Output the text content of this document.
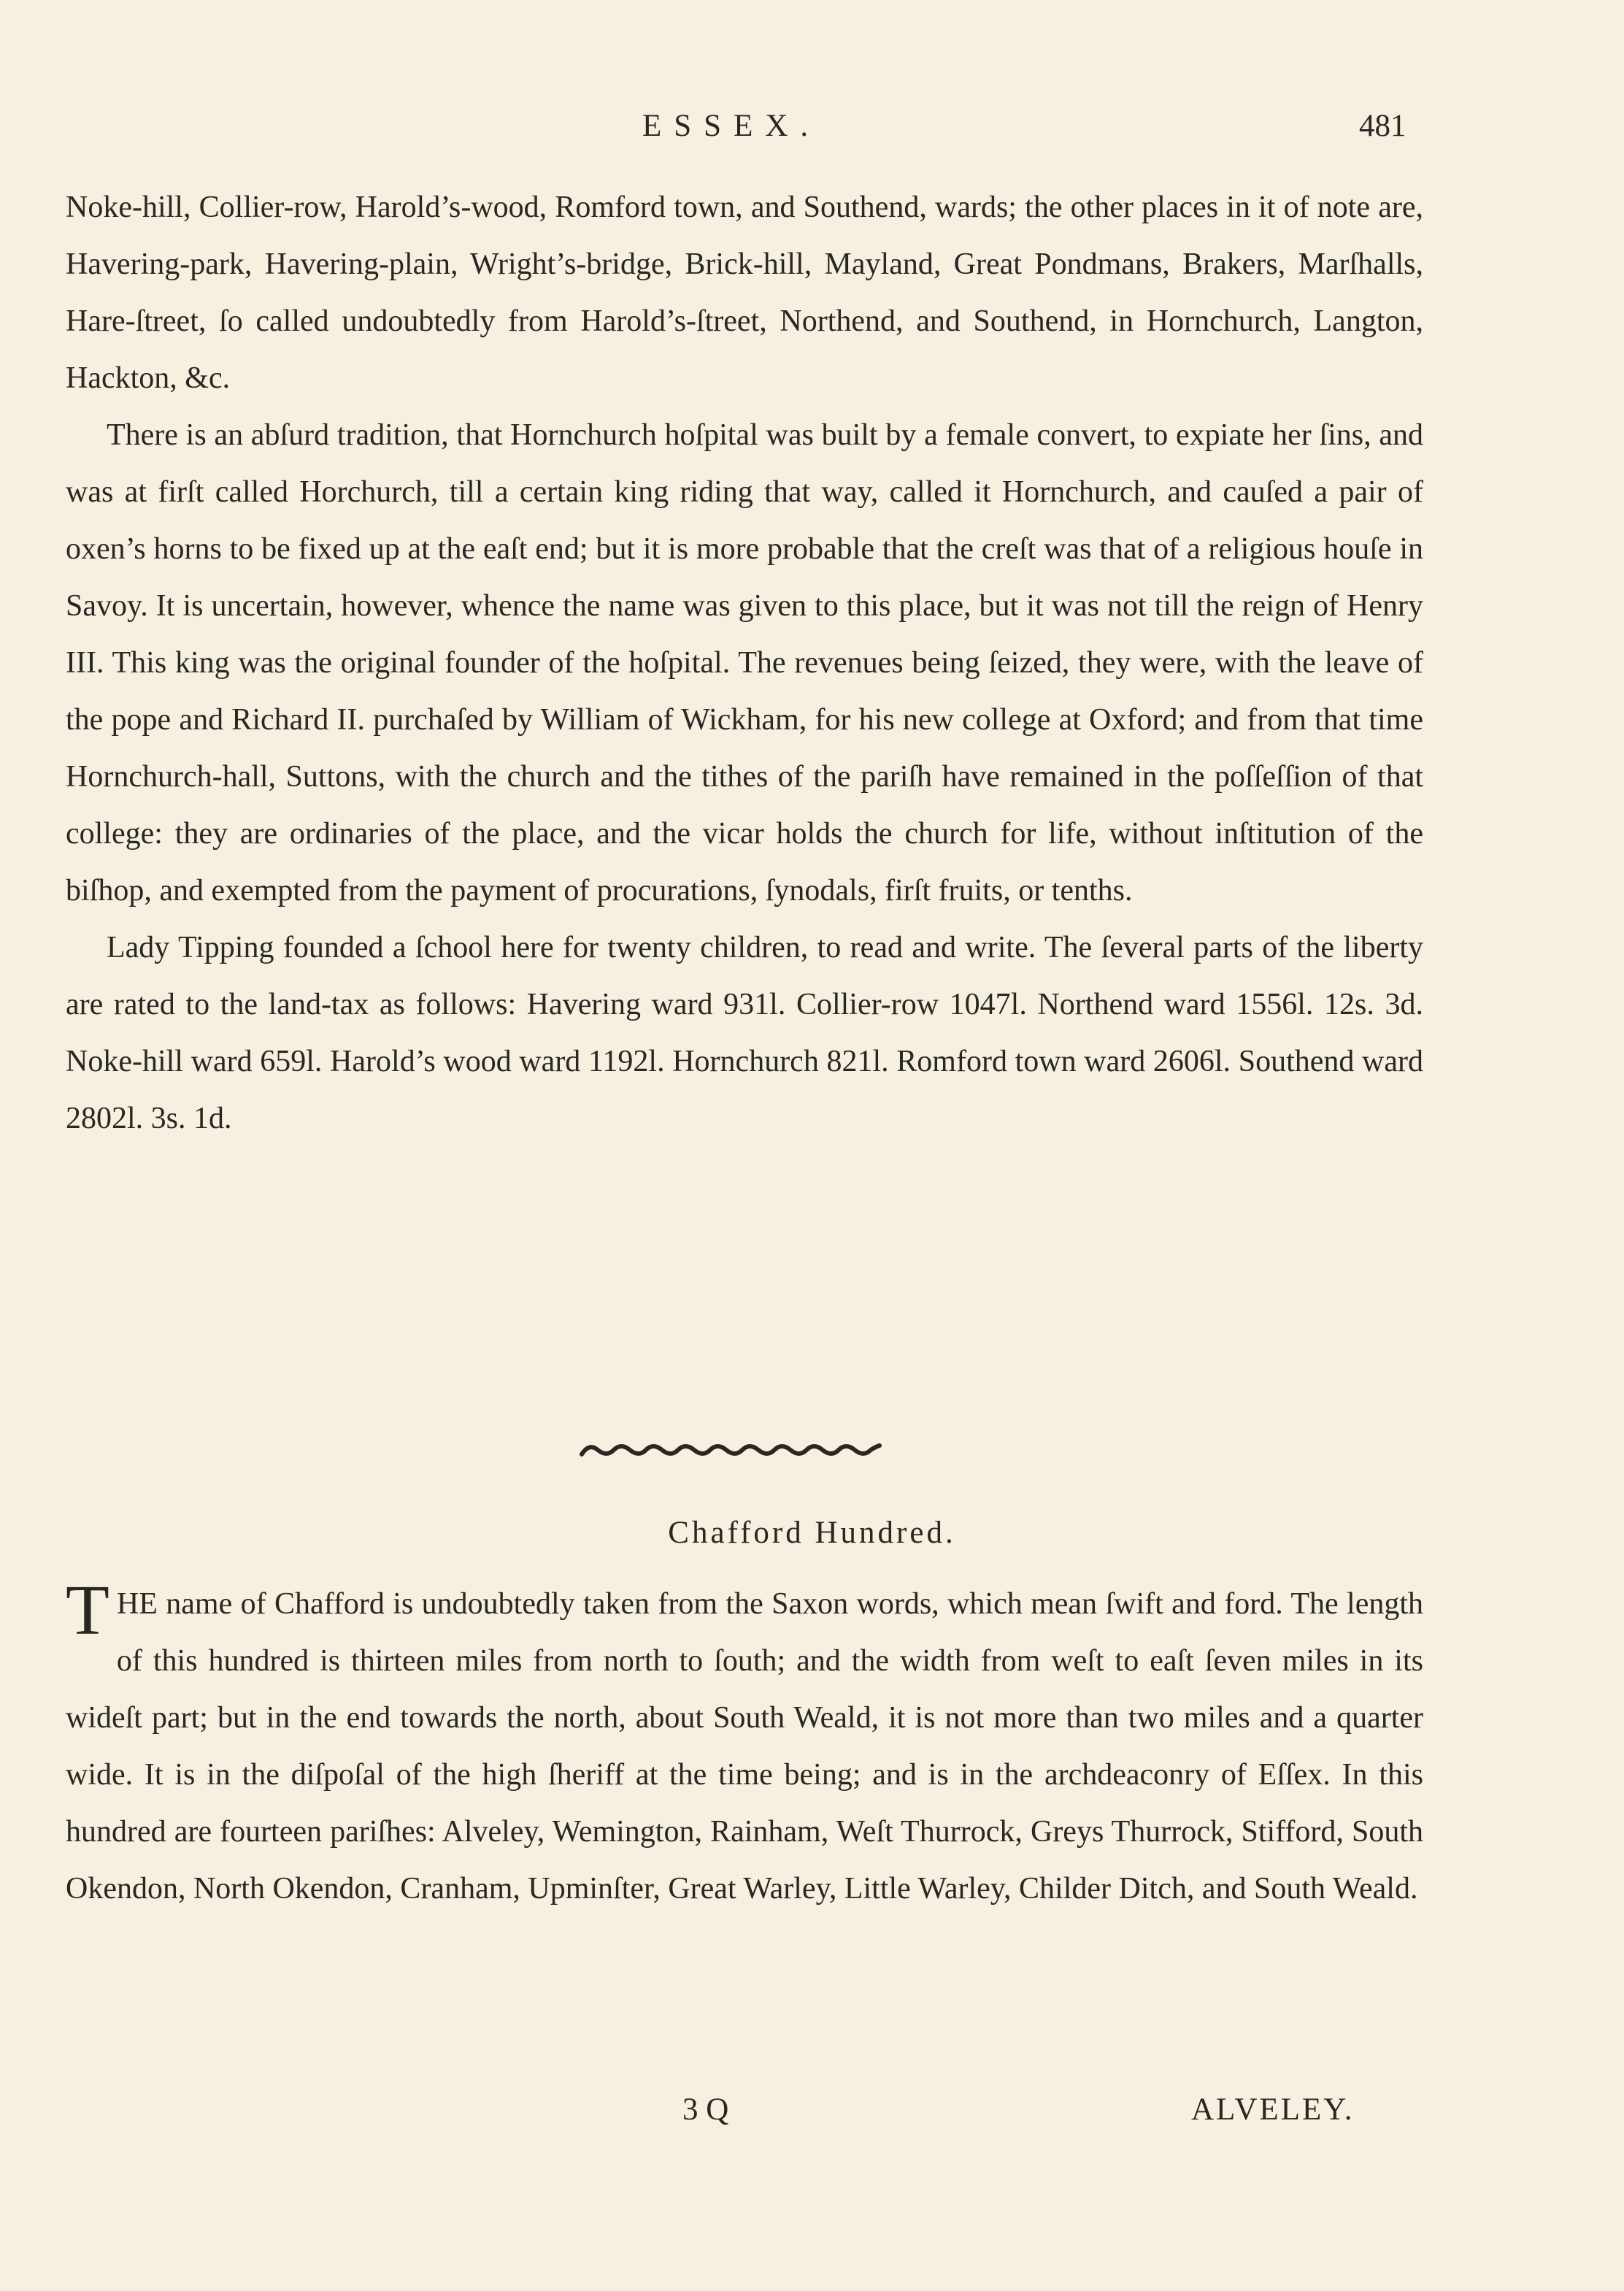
ESSEX.	481

Noke-hill, Collier-row, Harold’s-wood, Romford town, and Southend, wards; the other places in it of note are, Havering-park, Havering-plain, Wright’s-bridge, Brick-hill, Mayland, Great Pondmans, Brakers, Marſhalls, Hare-ſtreet, ſo called undoubtedly from Harold’s-ſtreet, Northend, and Southend, in Hornchurch, Langton, Hackton, &c.

There is an abſurd tradition, that Hornchurch hoſpital was built by a female convert, to expiate her ſins, and was at firſt called Horchurch, till a certain king riding that way, called it Hornchurch, and cauſed a pair of oxen’s horns to be fixed up at the eaſt end; but it is more probable that the creſt was that of a religious houſe in Savoy. It is uncertain, however, whence the name was given to this place, but it was not till the reign of Henry III. This king was the original founder of the hoſpital. The revenues being ſeized, they were, with the leave of the pope and Richard II. purchaſed by William of Wickham, for his new college at Oxford; and from that time Hornchurch-hall, Suttons, with the church and the tithes of the pariſh have remained in the poſſeſſion of that college: they are ordinaries of the place, and the vicar holds the church for life, without inſtitution of the biſhop, and exempted from the payment of procurations, ſynodals, firſt fruits, or tenths.

Lady Tipping founded a ſchool here for twenty children, to read and write. The ſeveral parts of the liberty are rated to the land-tax as follows: Havering ward 931l. Collier-row 1047l. Northend ward 1556l. 12s. 3d. Noke-hill ward 659l. Harold’s wood ward 1192l. Hornchurch 821l. Romford town ward 2606l. Southend ward 2802l. 3s. 1d.

Chafford Hundred.

THE name of Chafford is undoubtedly taken from the Saxon words, which mean ſwift and ford. The length of this hundred is thirteen miles from north to ſouth; and the width from weſt to eaſt ſeven miles in its wideſt part; but in the end towards the north, about South Weald, it is not more than two miles and a quarter wide. It is in the diſpoſal of the high ſheriff at the time being; and is in the archdeaconry of Eſſex. In this hundred are fourteen pariſhes: Alveley, Wemington, Rainham, Weſt Thurrock, Greys Thurrock, Stifford, South Okendon, North Okendon, Cranham, Upminſter, Great Warley, Little Warley, Childer Ditch, and South Weald.

3 Q	ALVELEY.
